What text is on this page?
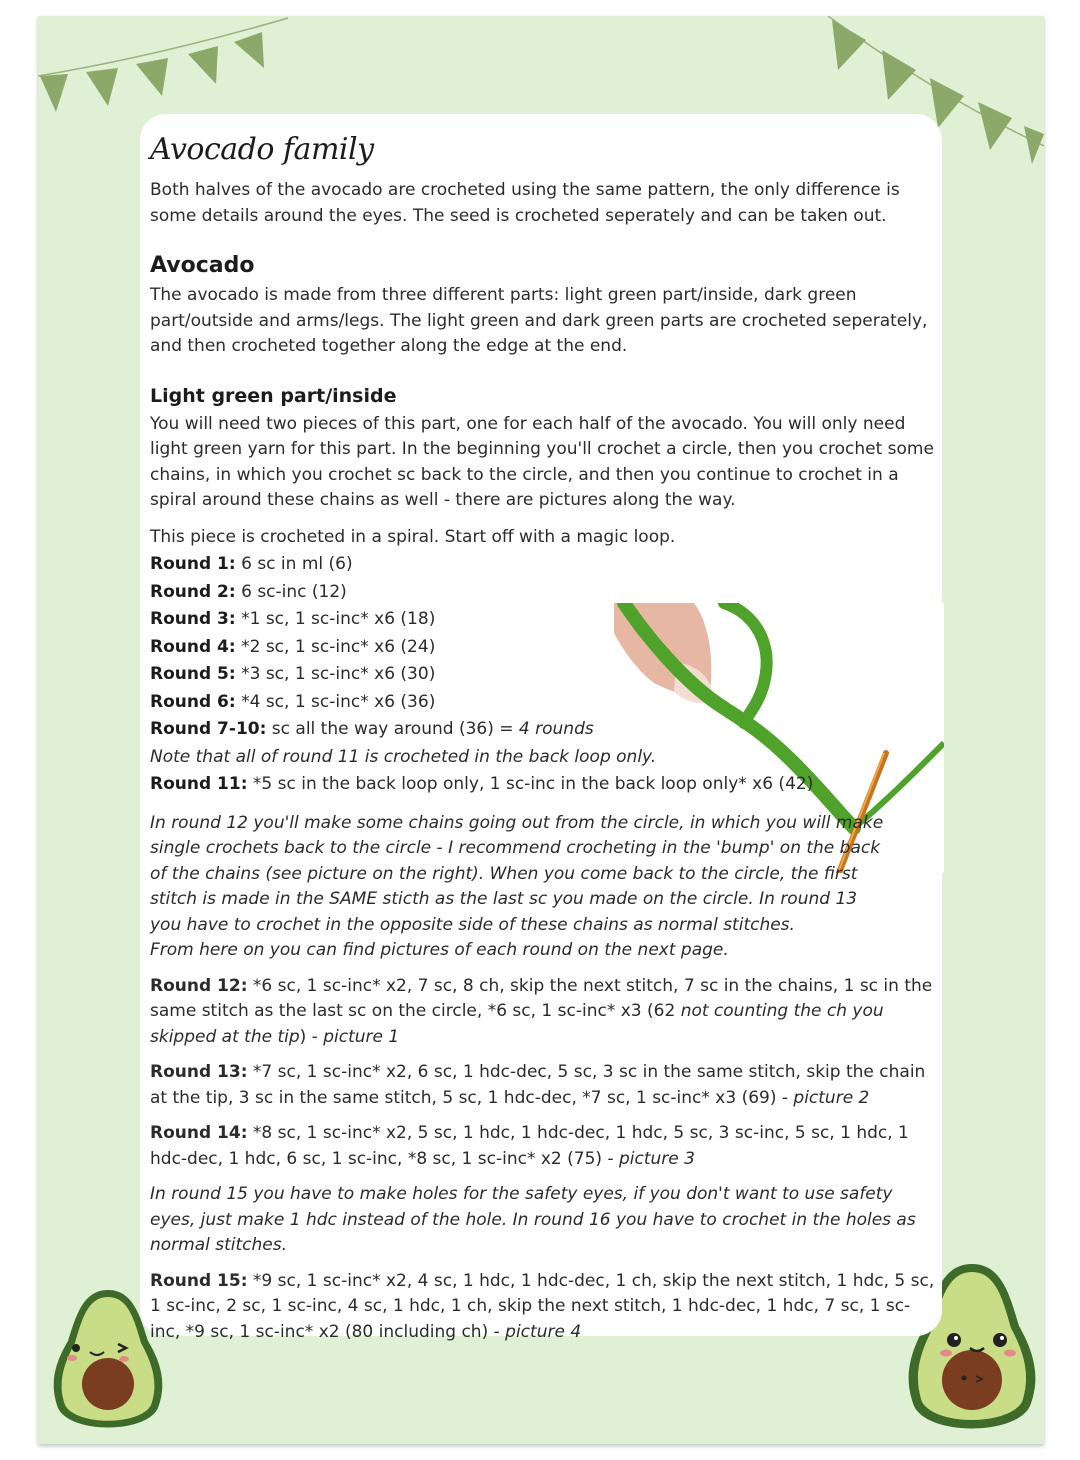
Avocado family

Both halves of the avocado are crocheted using the same pattern, the only difference is some details around the eyes. The seed is crocheted seperately and can be taken out.

Avocado

The avocado is made from three different parts: light green part/inside, dark green part/outside and arms/legs. The light green and dark green parts are crocheted seperately, and then crocheted together along the edge at the end.

Light green part/inside

You will need two pieces of this part, one for each half of the avocado. You will only need light green yarn for this part. In the beginning you'll crochet a circle, then you crochet some chains, in which you crochet sc back to the circle, and then you continue to crochet in a spiral around these chains as well - there are pictures along the way.

This piece is crocheted in a spiral. Start off with a magic loop.

Round 1: 6 sc in ml (6)

Round 2: 6 sc-inc (12)

Round 3: *1 sc, 1 sc-inc* x6 (18)

Round 4: *2 sc, 1 sc-inc* x6 (24)

Round 5: *3 sc, 1 sc-inc* x6 (30)

Round 6: *4 sc, 1 sc-inc* x6 (36)

Round 7-10: sc all the way around (36) = 4 rounds

Note that all of round 11 is crocheted in the back loop only.

Round 11: *5 sc in the back loop only, 1 sc-inc in the back loop only* x6 (42)

In round 12 you'll make some chains going out from the circle, in which you will make single crochets back to the circle - I recommend crocheting in the 'bump' on the back of the chains (see picture on the right). When you come back to the circle, the first stitch is made in the SAME sticth as the last sc you made on the circle. In round 13 you have to crochet in the opposite side of these chains as normal stitches.

From here on you can find pictures of each round on the next page.

Round 12: *6 sc, 1 sc-inc* x2, 7 sc, 8 ch, skip the next stitch, 7 sc in the chains, 1 sc in the same stitch as the last sc on the circle, *6 sc, 1 sc-inc* x3 (62 not counting the ch you skipped at the tip) - picture 1

Round 13: *7 sc, 1 sc-inc* x2, 6 sc, 1 hdc-dec, 5 sc, 3 sc in the same stitch, skip the chain at the tip, 3 sc in the same stitch, 5 sc, 1 hdc-dec, *7 sc, 1 sc-inc* x3 (69) - picture 2

Round 14: *8 sc, 1 sc-inc* x2, 5 sc, 1 hdc, 1 hdc-dec, 1 hdc, 5 sc, 3 sc-inc, 5 sc, 1 hdc, 1 hdc-dec, 1 hdc, 6 sc, 1 sc-inc, *8 sc, 1 sc-inc* x2 (75) - picture 3

In round 15 you have to make holes for the safety eyes, if you don't want to use safety eyes, just make 1 hdc instead of the hole. In round 16 you have to crochet in the holes as normal stitches.

Round 15: *9 sc, 1 sc-inc* x2, 4 sc, 1 hdc, 1 hdc-dec, 1 ch, skip the next stitch, 1 hdc, 5 sc, 1 sc-inc, 2 sc, 1 sc-inc, 4 sc, 1 hdc, 1 ch, skip the next stitch, 1 hdc-dec, 1 hdc, 7 sc, 1 sc-inc, *9 sc, 1 sc-inc* x2 (80 including ch) - picture 4
